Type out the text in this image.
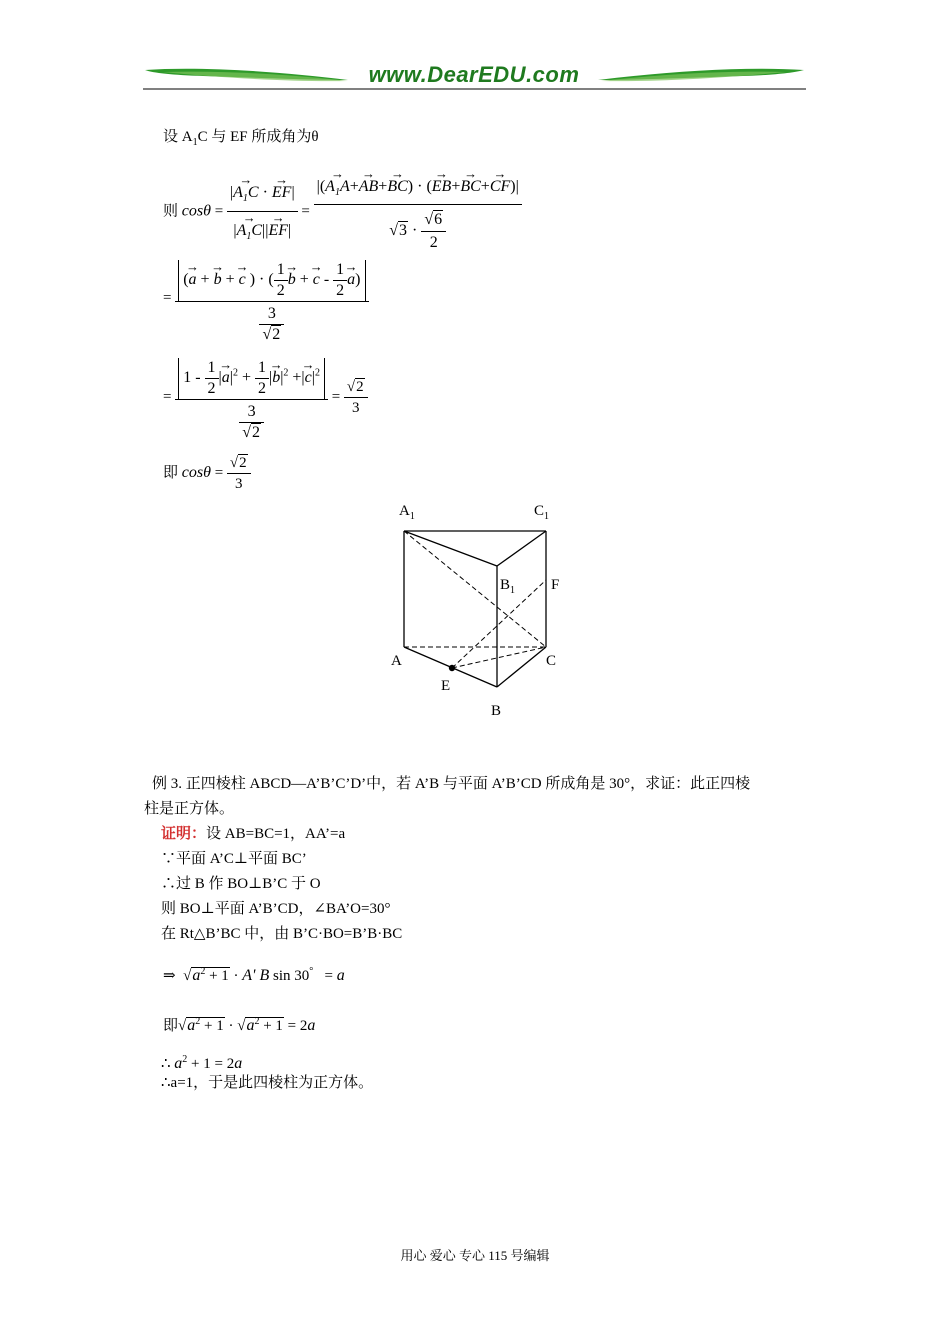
www.DearEDU.com
设 $A_1C$ 与 EF 所成角为θ
则 $\cos\theta = \frac{|\to A_1C \cdot \to EF|}{|\to A_1C||\to EF|} = \frac{|(\to A_1A+\to AB+\to BC) \cdot (\to EB+\to BC+\to CF)|}{√3 \cdot \frac{√6}{2}}$
= (→ a + → b + → c ) · ( $\frac{1}{2}$
→ b + → c - $\frac{1}{2}$
→ a)
$\frac{3}{√2}$
= $\frac{1 - \frac{1}{2} |\to a|^2 + \frac{1}{2} |\to b|^2 +|\to c|^2}{\frac{3}{√2}} = \frac{√2}{3}$
即 $\cos\theta = \frac{√2}{3}$
$A_1$	$C_1$
$B_1$ F
A	C
E
B
例 3. 正四棱柱 ABCD—A’B’C’D’中，若 A’B 与平面 A’B’CD 所成角是 30°，求证：此正四棱
柱是正方体。
证明：设 AB=BC=1，AA’=a
∵平面 A’C⊥平面 BC’
∴过 B 作 BO⊥B’C 于 O
则 BO⊥平面 A’B’CD，∠BA’O=30°
在 Rt△B’BC 中，由 B’C·BO=B’B·BC
⇒  $√a^2 + 1 \cdot A'$ B sin 30°   = a
即$√a^2 + 1 \cdot √a^2 + 1 = 2a$
∴ $a^2 + 1 = 2a$
∴a=1，于是此四棱柱为正方体。
用心 爱心 专心 115 号编辑
